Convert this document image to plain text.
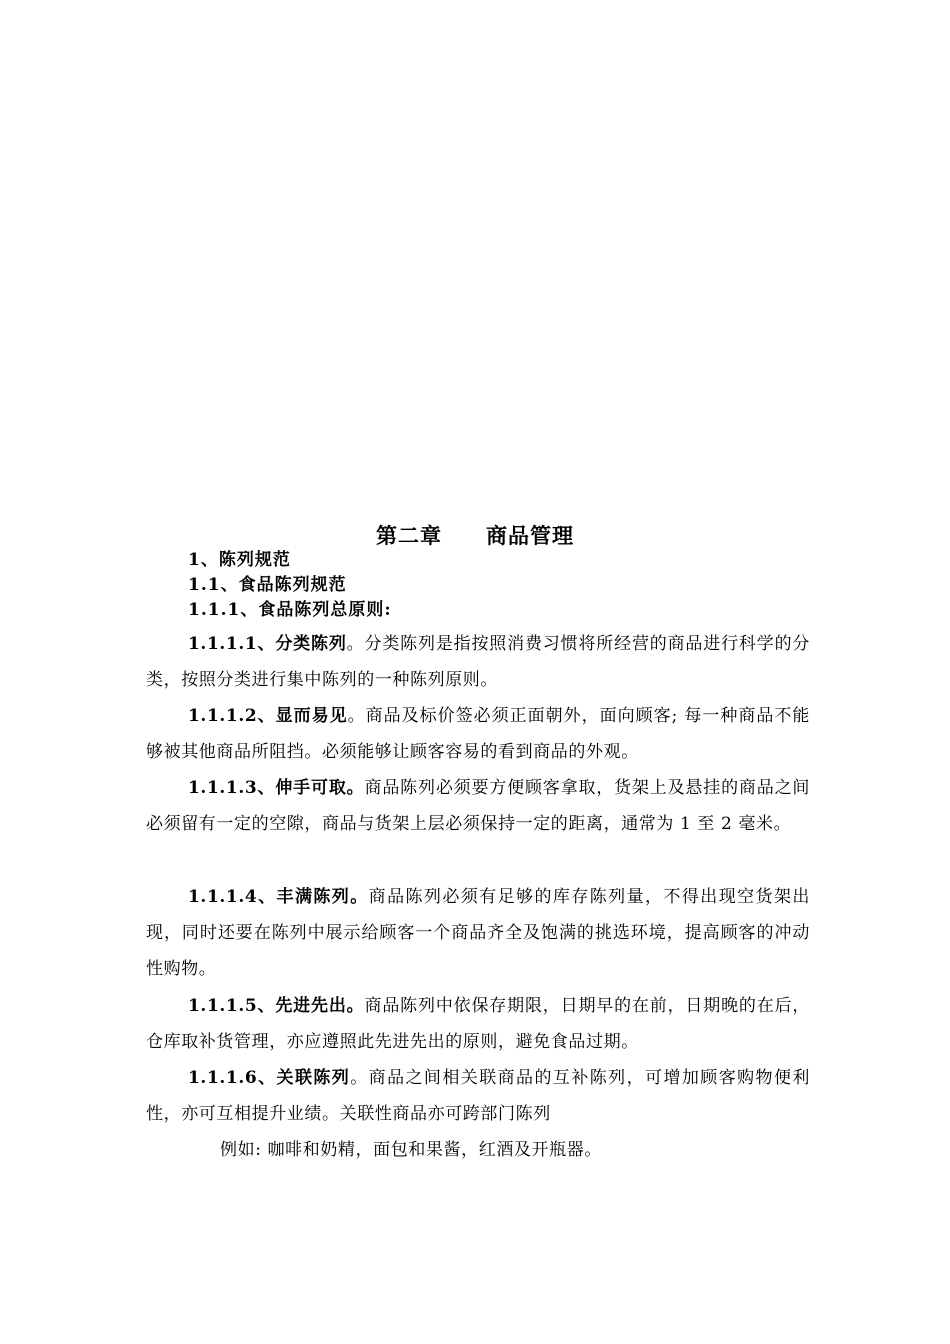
第二章 商品管理
1、陈列规范
1.1、食品陈列规范
1.1.1、食品陈列总原则:

1.1.1.1、分类陈列。分类陈列是指按照消费习惯将所经营的商品进行科学的分类，按照分类进行集中陈列的一种陈列原则。

1.1.1.2、显而易见。商品及标价签必须正面朝外，面向顾客; 每一种商品不能够被其他商品所阻挡。必须能够让顾客容易的看到商品的外观。

1.1.1.3、伸手可取。商品陈列必须要方便顾客拿取，货架上及悬挂的商品之间必须留有一定的空隙，商品与货架上层必须保持一定的距离，通常为 1 至 2 毫米。

1.1.1.4、丰满陈列。商品陈列必须有足够的库存陈列量，不得出现空货架出现，同时还要在陈列中展示给顾客一个商品齐全及饱满的挑选环境，提高顾客的冲动性购物。

1.1.1.5、先进先出。商品陈列中依保存期限，日期早的在前，日期晚的在后，仓库取补货管理，亦应遵照此先进先出的原则，避免食品过期。

1.1.1.6、关联陈列。商品之间相关联商品的互补陈列，可增加顾客购物便利性，亦可互相提升业绩。关联性商品亦可跨部门陈列

例如: 咖啡和奶精，面包和果酱，红酒及开瓶器。
